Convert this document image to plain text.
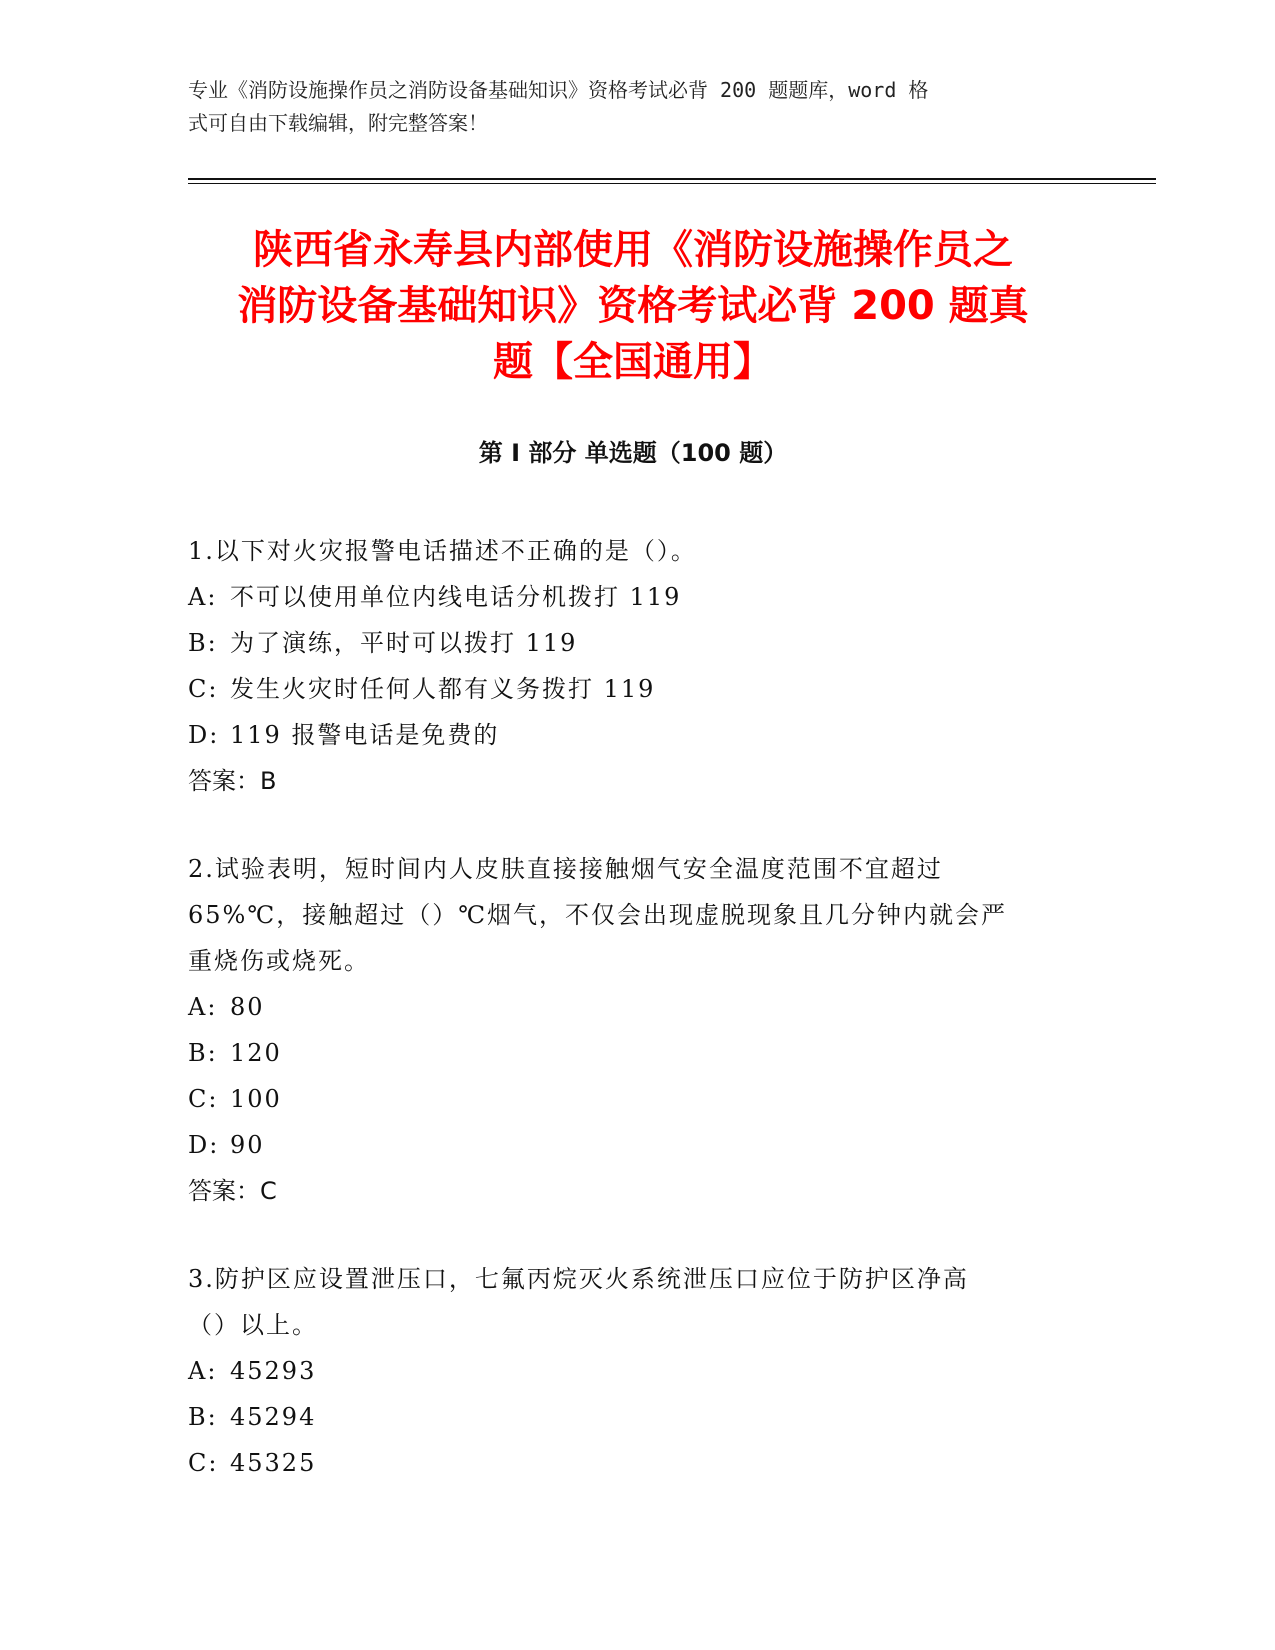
专业《消防设施操作员之消防设备基础知识》资格考试必背 200 题题库，word 格
式可自由下载编辑，附完整答案！
陕西省永寿县内部使用《消防设施操作员之
消防设备基础知识》资格考试必背 200 题真
题【全国通用】
第 I 部分 单选题（100 题）
1.以下对火灾报警电话描述不正确的是（）。
A: 不可以使用单位内线电话分机拨打 119
B: 为了演练，平时可以拨打 119
C: 发生火灾时任何人都有义务拨打 119
D: 119 报警电话是免费的
答案：B
2.试验表明，短时间内人皮肤直接接触烟气安全温度范围不宜超过
65%℃，接触超过（）℃烟气，不仅会出现虚脱现象且几分钟内就会严
重烧伤或烧死。
A: 80
B: 120
C: 100
D: 90
答案：C
3.防护区应设置泄压口，七氟丙烷灭火系统泄压口应位于防护区净高
（）以上。
A: 45293
B: 45294
C: 45325
